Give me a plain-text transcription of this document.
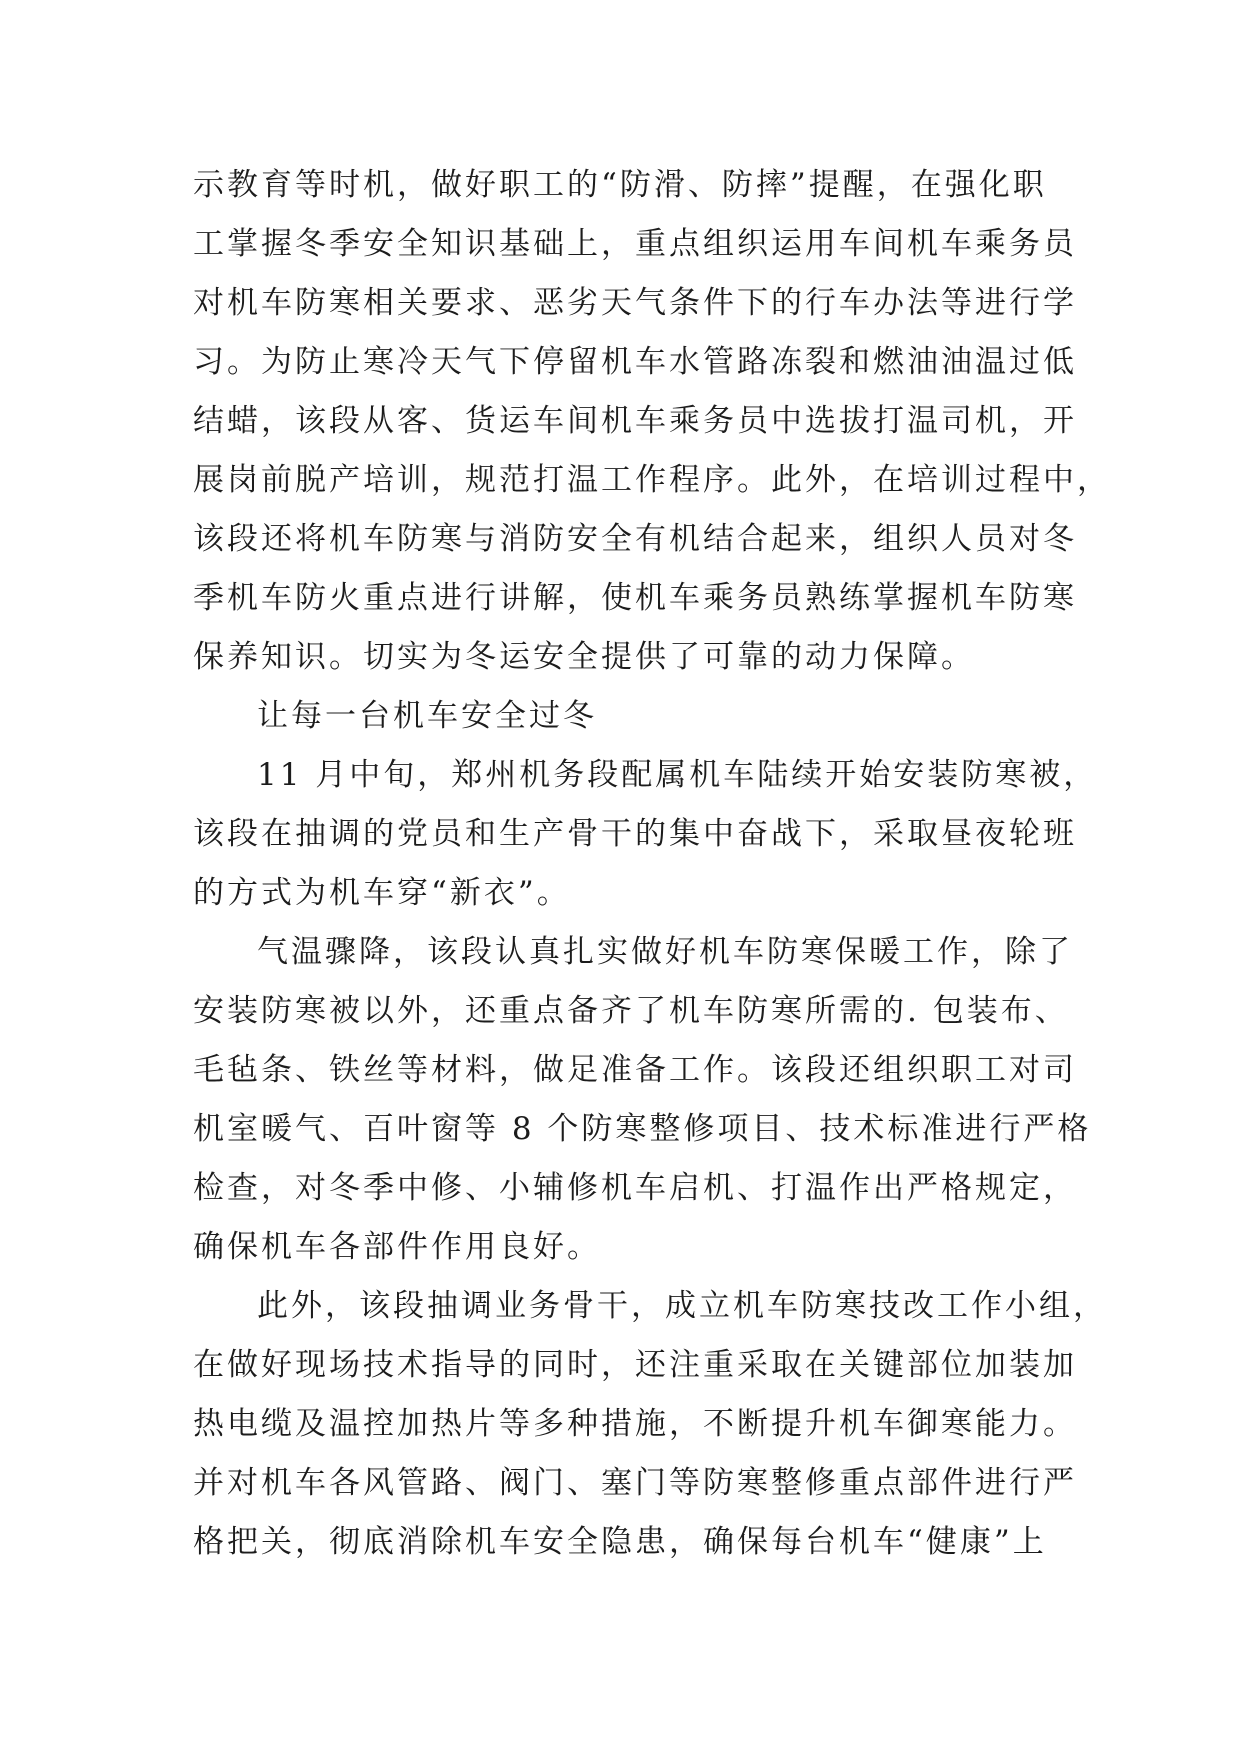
示教育等时机，做好职工的“防滑、防摔”提醒，在强化职
工掌握冬季安全知识基础上，重点组织运用车间机车乘务员
对机车防寒相关要求、恶劣天气条件下的行车办法等进行学
习。为防止寒冷天气下停留机车水管路冻裂和燃油油温过低
结蜡，该段从客、货运车间机车乘务员中选拔打温司机，开
展岗前脱产培训，规范打温工作程序。此外，在培训过程中，
该段还将机车防寒与消防安全有机结合起来，组织人员对冬
季机车防火重点进行讲解，使机车乘务员熟练掌握机车防寒
保养知识。切实为冬运安全提供了可靠的动力保障。
让每一台机车安全过冬
11 月中旬，郑州机务段配属机车陆续开始安装防寒被，
该段在抽调的党员和生产骨干的集中奋战下，采取昼夜轮班
的方式为机车穿“新衣”。
气温骤降，该段认真扎实做好机车防寒保暖工作，除了
安装防寒被以外，还重点备齐了机车防寒所需的. 包装布、
毛毡条、铁丝等材料，做足准备工作。该段还组织职工对司
机室暖气、百叶窗等 8 个防寒整修项目、技术标准进行严格
检查，对冬季中修、小辅修机车启机、打温作出严格规定，
确保机车各部件作用良好。
此外，该段抽调业务骨干，成立机车防寒技改工作小组，
在做好现场技术指导的同时，还注重采取在关键部位加装加
热电缆及温控加热片等多种措施，不断提升机车御寒能力。
并对机车各风管路、阀门、塞门等防寒整修重点部件进行严
格把关，彻底消除机车安全隐患，确保每台机车“健康”上
